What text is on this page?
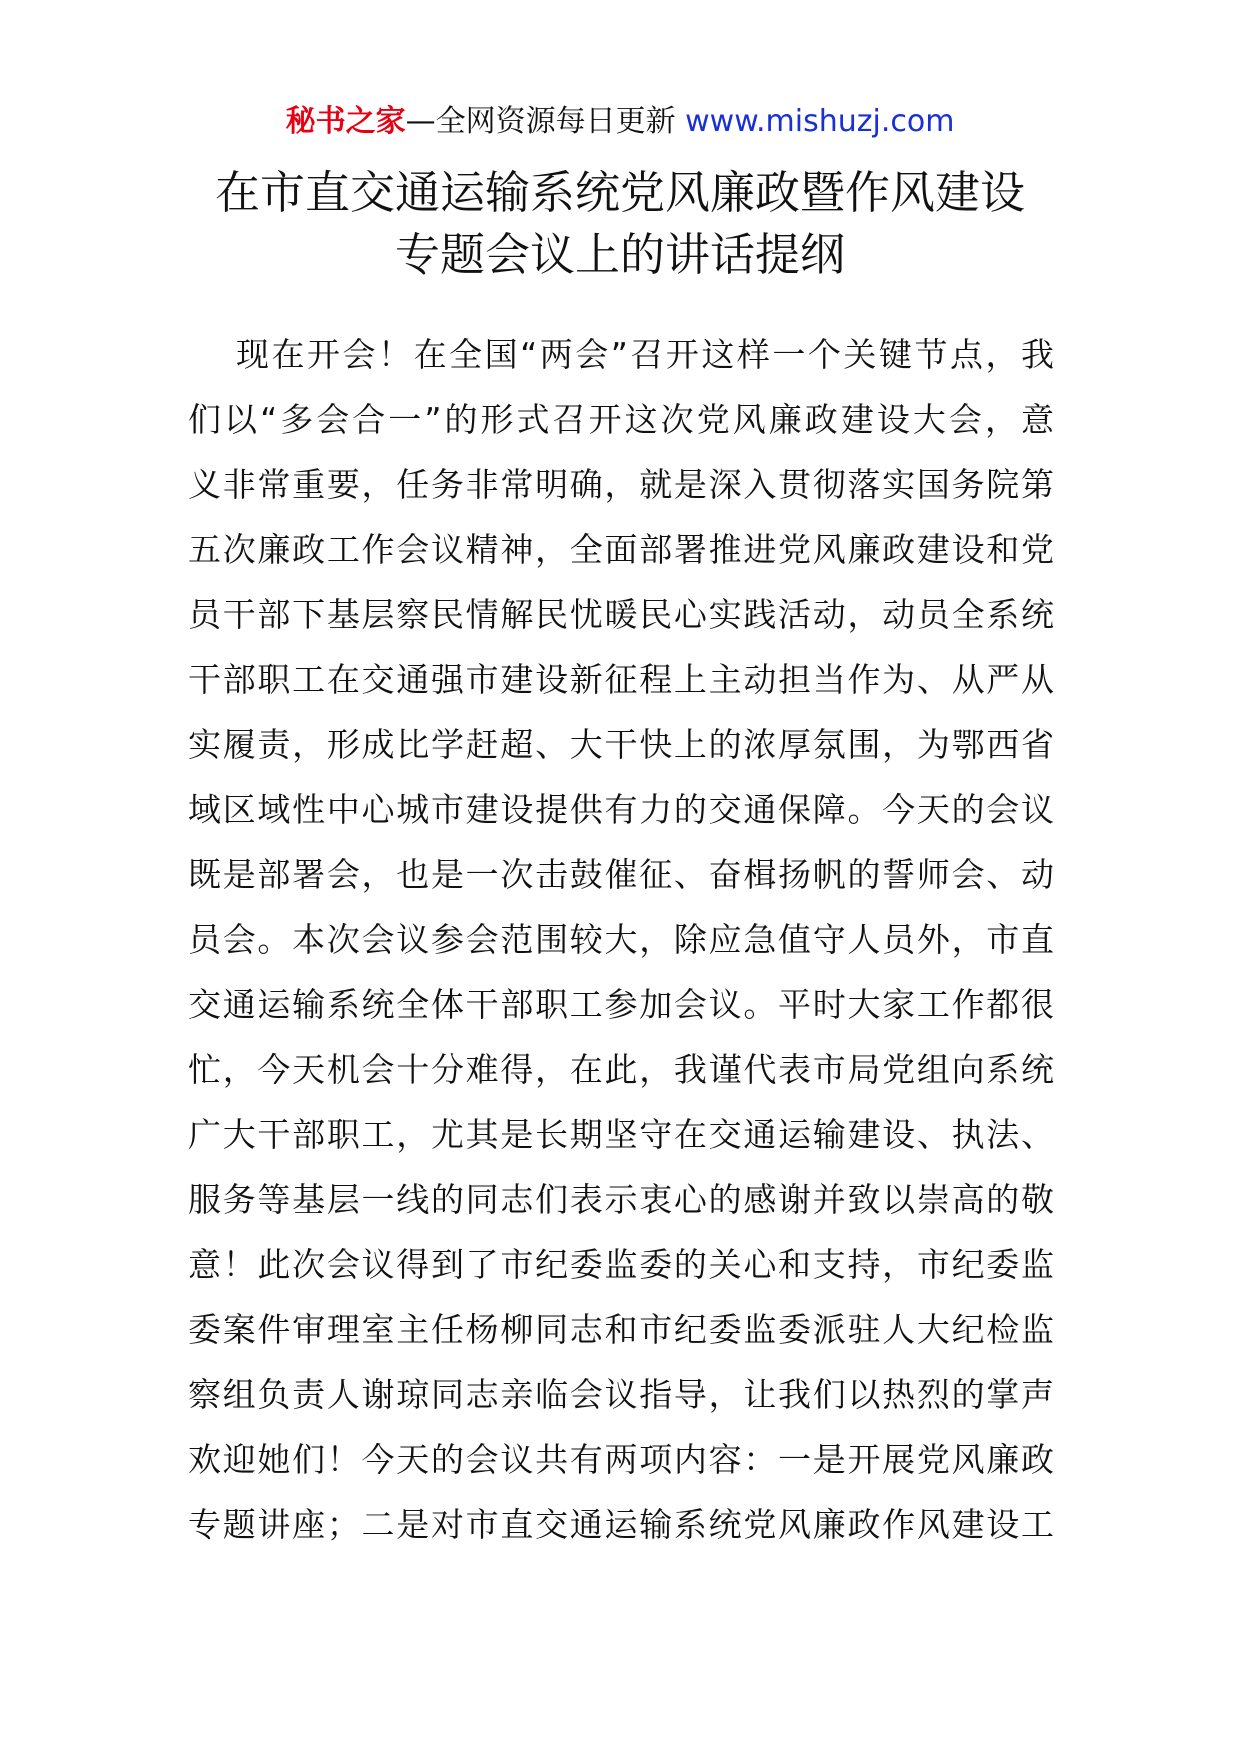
秘书之家—全网资源每日更新 www.mishuzj.com
在市直交通运输系统党风廉政暨作风建设
专题会议上的讲话提纲
现在开会！在全国“两会”召开这样一个关键节点，我
们以“多会合一”的形式召开这次党风廉政建设大会，意
义非常重要，任务非常明确，就是深入贯彻落实国务院第
五次廉政工作会议精神，全面部署推进党风廉政建设和党
员干部下基层察民情解民忧暖民心实践活动，动员全系统
干部职工在交通强市建设新征程上主动担当作为、从严从
实履责，形成比学赶超、大干快上的浓厚氛围，为鄂西省
域区域性中心城市建设提供有力的交通保障。今天的会议
既是部署会，也是一次击鼓催征、奋楫扬帆的誓师会、动
员会。本次会议参会范围较大，除应急值守人员外，市直
交通运输系统全体干部职工参加会议。平时大家工作都很
忙，今天机会十分难得，在此，我谨代表市局党组向系统
广大干部职工，尤其是长期坚守在交通运输建设、执法、
服务等基层一线的同志们表示衷心的感谢并致以崇高的敬
意！此次会议得到了市纪委监委的关心和支持，市纪委监
委案件审理室主任杨柳同志和市纪委监委派驻人大纪检监
察组负责人谢琼同志亲临会议指导，让我们以热烈的掌声
欢迎她们！今天的会议共有两项内容：一是开展党风廉政
专题讲座；二是对市直交通运输系统党风廉政作风建设工
